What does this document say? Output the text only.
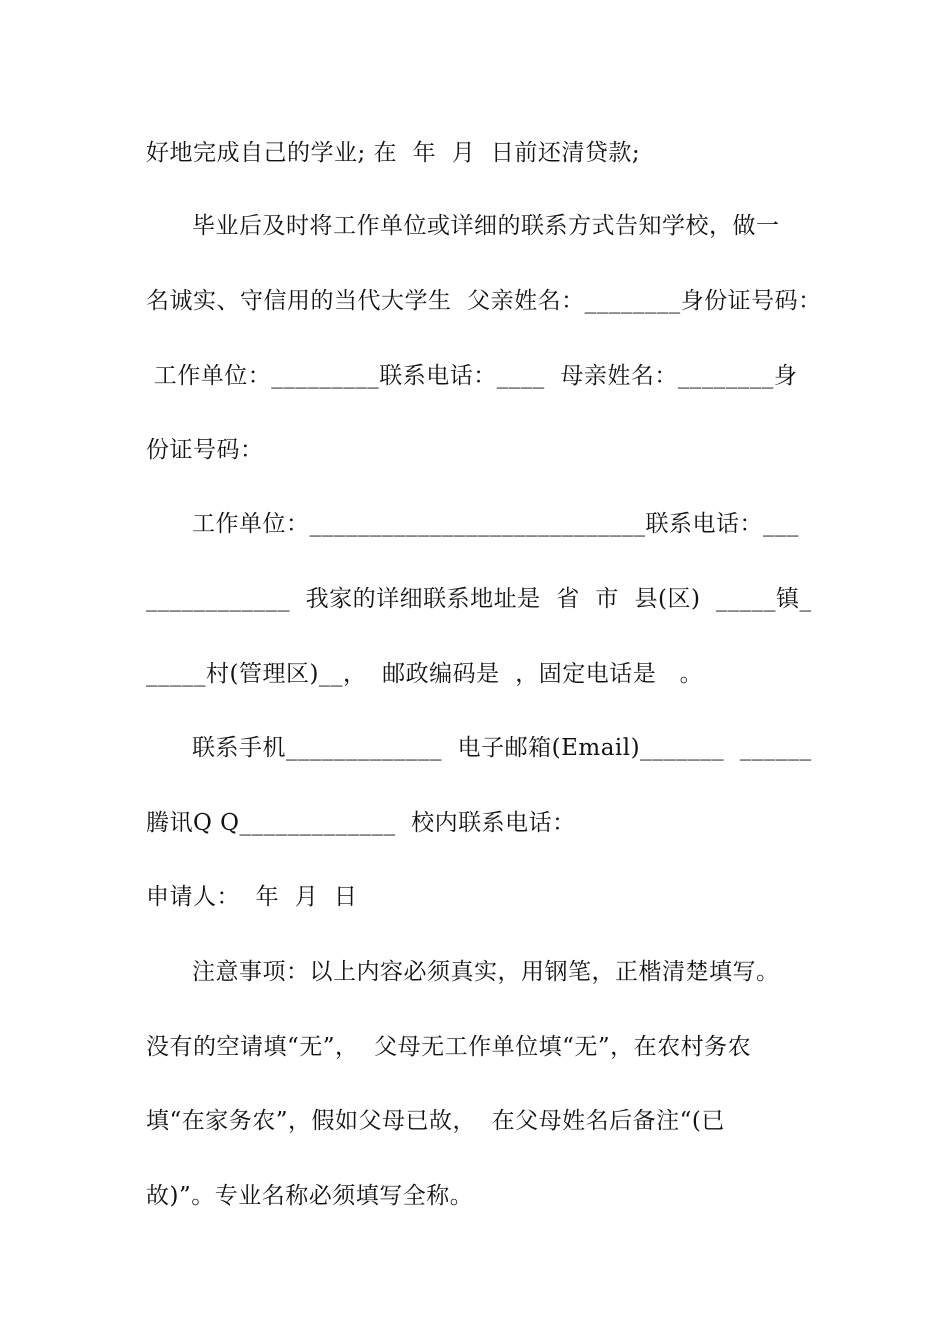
好地完成自己的学业; 在  年  月  日前还清贷款;
毕业后及时将工作单位或详细的联系方式告知学校，做一
名诚实、守信用的当代大学生  父亲姓名：________身份证号码：
工作单位：_________联系电话：____  母亲姓名：________身
份证号码：
工作单位：____________________________联系电话：___
____________  我家的详细联系地址是  省  市  县(区)  _____镇_
_____村(管理区)__，  邮政编码是  ，固定电话是   。
联系手机_____________  电子邮箱(Email)_______  ______
腾讯Q Q_____________  校内联系电话：
申请人：  年  月  日
注意事项：以上内容必须真实，用钢笔，正楷清楚填写。
没有的空请填“无”，  父母无工作单位填“无”，在农村务农
填“在家务农”，假如父母已故，  在父母姓名后备注“(已
故)”。专业名称必须填写全称。
